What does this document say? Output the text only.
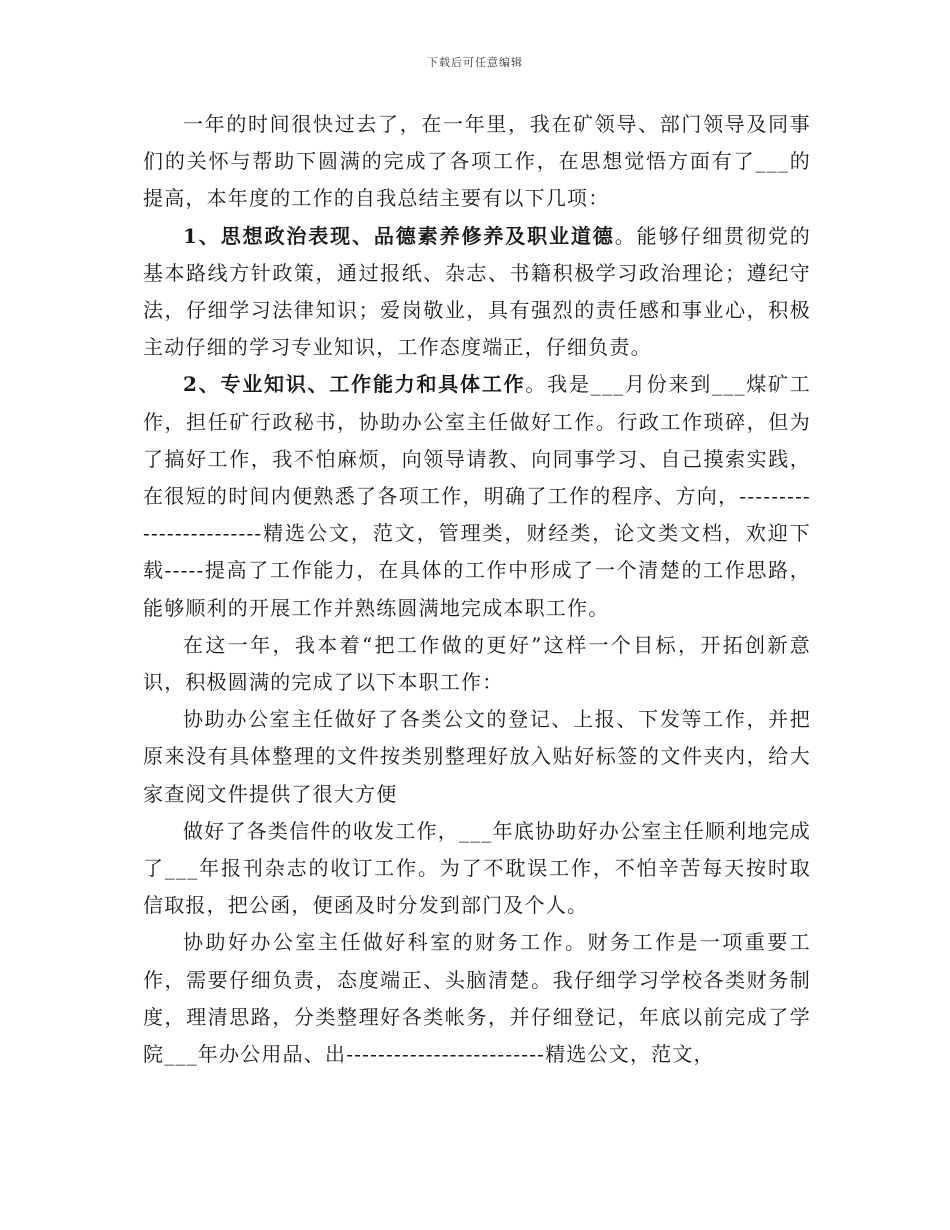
下载后可任意编辑

一年的时间很快过去了，在一年里，我在矿领导、部门领导及同事们的关怀与帮助下圆满的完成了各项工作，在思想觉悟方面有了___的提高，本年度的工作的自我总结主要有以下几项：

1、思想政治表现、品德素养修养及职业道德。能够仔细贯彻党的基本路线方针政策，通过报纸、杂志、书籍积极学习政治理论；遵纪守法，仔细学习法律知识；爱岗敬业，具有强烈的责任感和事业心，积极主动仔细的学习专业知识，工作态度端正，仔细负责。

2、专业知识、工作能力和具体工作。我是___月份来到___煤矿工作，担任矿行政秘书，协助办公室主任做好工作。行政工作琐碎，但为了搞好工作，我不怕麻烦，向领导请教、向同事学习、自己摸索实践，在很短的时间内便熟悉了各项工作，明确了工作的程序、方向，------------------------精选公文，范文，管理类，财经类，论文类文档，欢迎下载-----提高了工作能力，在具体的工作中形成了一个清楚的工作思路，能够顺利的开展工作并熟练圆满地完成本职工作。

在这一年，我本着“把工作做的更好”这样一个目标，开拓创新意识，积极圆满的完成了以下本职工作：

协助办公室主任做好了各类公文的登记、上报、下发等工作，并把原来没有具体整理的文件按类别整理好放入贴好标签的文件夹内，给大家查阅文件提供了很大方便

做好了各类信件的收发工作，___年底协助好办公室主任顺利地完成了___年报刊杂志的收订工作。为了不耽误工作，不怕辛苦每天按时取信取报，把公函，便函及时分发到部门及个人。

协助好办公室主任做好科室的财务工作。财务工作是一项重要工作，需要仔细负责，态度端正、头脑清楚。我仔细学习学校各类财务制度，理清思路，分类整理好各类帐务，并仔细登记，年底以前完成了学院___年办公用品、出-------------------------精选公文，范文，
